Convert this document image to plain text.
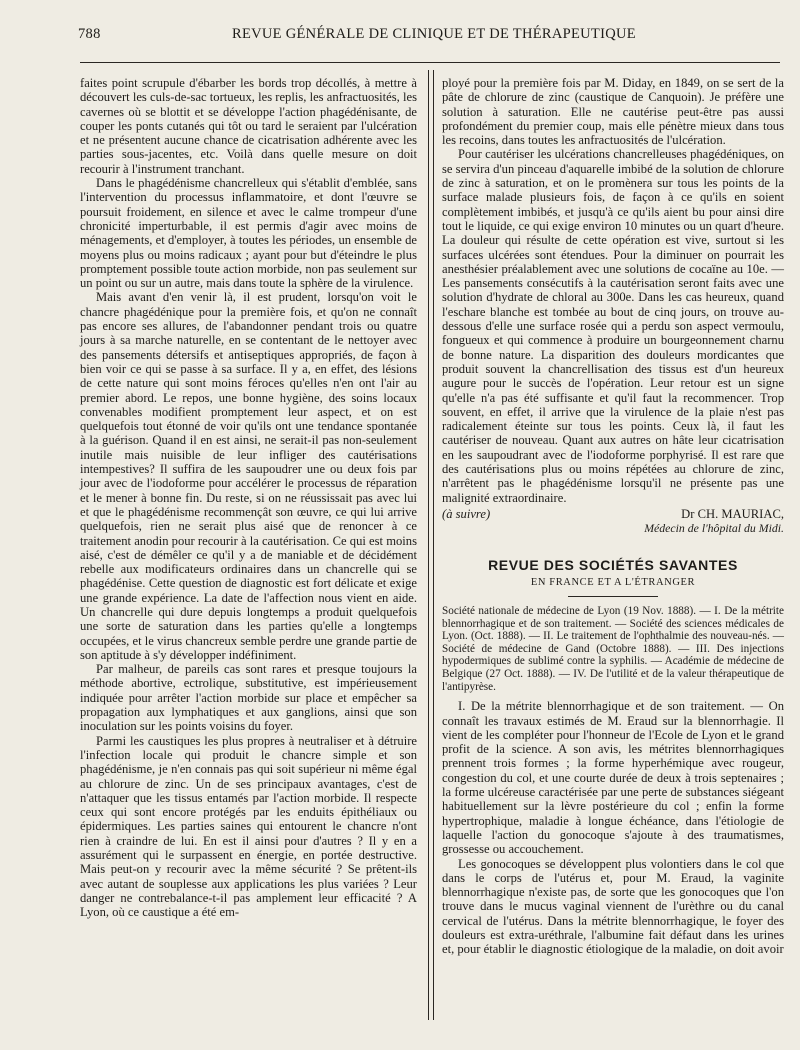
788	REVUE GÉNÉRALE DE CLINIQUE ET DE THÉRAPEUTIQUE

faites point scrupule d'ébarber les bords trop décollés, à mettre à découvert les culs-de-sac tortueux, les replis, les anfractuosités, les cavernes où se blottit et se développe l'action phagédénisante, de couper les ponts cutanés qui tôt ou tard le seraient par l'ulcération et ne présentent aucune chance de cicatrisation adhérente avec les parties sous-jacentes, etc. Voilà dans quelle mesure on doit recourir à l'instrument tranchant.

Dans le phagédénisme chancrelleux qui s'établit d'emblée, sans l'intervention du processus inflammatoire, et dont l'œuvre se poursuit froidement, en silence et avec le calme trompeur d'une chronicité imperturbable, il est permis d'agir avec moins de ménagements, et d'employer, à toutes les périodes, un ensemble de moyens plus ou moins radicaux ; ayant pour but d'éteindre le plus promptement possible toute action morbide, non pas seulement sur un point ou sur un autre, mais dans toute la sphère de la virulence.

Mais avant d'en venir là, il est prudent, lorsqu'on voit le chancre phagédénique pour la première fois, et qu'on ne connaît pas encore ses allures, de l'abandonner pendant trois ou quatre jours à sa marche naturelle, en se contentant de le nettoyer avec des pansements détersifs et antiseptiques appropriés, de façon à bien voir ce qui se passe à sa surface. Il y a, en effet, des lésions de cette nature qui sont moins féroces qu'elles n'en ont l'air au premier abord. Le repos, une bonne hygiène, des soins locaux convenables modifient promptement leur aspect, et on est quelquefois tout étonné de voir qu'ils ont une tendance spontanée à la guérison. Quand il en est ainsi, ne serait-il pas non-seulement inutile mais nuisible de leur infliger des cautérisations intempestives? Il suffira de les saupoudrer une ou deux fois par jour avec de l'iodoforme pour accélérer le processus de réparation et le mener à bonne fin. Du reste, si on ne réussissait pas avec lui et que le phagédénisme recommençât son œuvre, ce qui lui arrive quelquefois, rien ne serait plus aisé que de renoncer à ce traitement anodin pour recourir à la cautérisation. Ce qui est moins aisé, c'est de démêler ce qu'il y a de maniable et de décidément rebelle aux modificateurs ordinaires dans un chancrelle qui se phagédénise. Cette question de diagnostic est fort délicate et exige une grande expérience. La date de l'affection nous vient en aide. Un chancrelle qui dure depuis longtemps a produit quelquefois une sorte de saturation dans les parties qu'elle a longtemps occupées, et le virus chancreux semble perdre une grande partie de son aptitude à s'y développer indéfiniment.

Par malheur, de pareils cas sont rares et presque toujours la méthode abortive, ectrolique, substitutive, est impérieusement indiquée pour arrêter l'action morbide sur place et empêcher sa propagation aux lymphatiques et aux ganglions, ainsi que son inoculation sur les points voisins du foyer.

Parmi les caustiques les plus propres à neutraliser et à détruire l'infection locale qui produit le chancre simple et son phagédénisme, je n'en connais pas qui soit supérieur ni même égal au chlorure de zinc. Un de ses principaux avantages, c'est de n'attaquer que les tissus entamés par l'action morbide. Il respecte ceux qui sont encore protégés par les enduits épithéliaux ou épidermiques. Les parties saines qui entourent le chancre n'ont rien à craindre de lui. En est il ainsi pour d'autres ? Il y en a assurément qui le surpassent en énergie, en portée destructive. Mais peut-on y recourir avec la même sécurité ? Se prêtent-ils avec autant de souplesse aux applications les plus variées ? Leur danger ne contrebalance-t-il pas amplement leur efficacité ? A Lyon, où ce caustique a été em-

ployé pour la première fois par M. Diday, en 1849, on se sert de la pâte de chlorure de zinc (caustique de Canquoin). Je préfère une solution à saturation. Elle ne cautérise peut-être pas aussi profondément du premier coup, mais elle pénètre mieux dans tous les recoins, dans toutes les anfractuosités de l'ulcération.

Pour cautériser les ulcérations chancrelleuses phagédéniques, on se servira d'un pinceau d'aquarelle imbibé de la solution de chlorure de zinc à saturation, et on le promènera sur tous les points de la surface malade plusieurs fois, de façon à ce qu'ils en soient complètement imbibés, et jusqu'à ce qu'ils aient bu pour ainsi dire tout le liquide, ce qui exige environ 10 minutes ou un quart d'heure. La douleur qui résulte de cette opération est vive, surtout si les surfaces ulcérées sont étendues. Pour la diminuer on pourrait les anesthésier préalablement avec une solutions de cocaïne au 10e. — Les pansements consécutifs à la cautérisation seront faits avec une solution d'hydrate de chloral au 300e. Dans les cas heureux, quand l'eschare blanche est tombée au bout de cinq jours, on trouve au-dessous d'elle une surface rosée qui a perdu son aspect vermoulu, fongueux et qui commence à produire un bourgeonnement charnu de bonne nature. La disparition des douleurs mordicantes que produit souvent la chancrellisation des tissus est d'un heureux augure pour le succès de l'opération. Leur retour est un signe qu'elle n'a pas été suffisante et qu'il faut la recommencer. Trop souvent, en effet, il arrive que la virulence de la plaie n'est pas radicalement éteinte sur tous les points. Ceux là, il faut les cautériser de nouveau. Quant aux autres on hâte leur cicatrisation en les saupoudrant avec de l'iodoforme porphyrisé. Il est rare que des cautérisations plus ou moins répétées au chlorure de zinc, n'arrêtent pas le phagédénisme lorsqu'il ne présente pas une malignité extraordinaire.

(à suivre)	Dr CH. MAURIAC,
Médecin de l'hôpital du Midi.
REVUE DES SOCIÉTÉS SAVANTES
EN FRANCE ET A L'ÉTRANGER

Société nationale de médecine de Lyon (19 Nov. 1888). — I. De la métrite blennorrhagique et de son traitement. — Société des sciences médicales de Lyon. (Oct. 1888). — II. Le traitement de l'ophthalmie des nouveau-nés. — Société de médecine de Gand (Octobre 1888). — III. Des injections hypodermiques de sublimé contre la syphilis. — Académie de médecine de Belgique (27 Oct. 1888). — IV. De l'utilité et de la valeur thérapeutique de l'antipyrèse.

I. De la métrite blennorrhagique et de son traitement. — On connaît les travaux estimés de M. Eraud sur la blennorrhagie. Il vient de les compléter pour l'honneur de l'Ecole de Lyon et le grand profit de la science. A son avis, les métrites blennorrhagiques prennent trois formes ; la forme hyperhémique avec rougeur, congestion du col, et une courte durée de deux à trois septenaires ; la forme ulcéreuse caractérisée par une perte de substances siégeant habituellement sur la lèvre postérieure du col ; enfin la forme hypertrophique, maladie à longue échéance, dans l'étiologie de laquelle l'action du gonocoque s'ajoute à des traumatismes, grossesse ou accouchement.

Les gonocoques se développent plus volontiers dans le col que dans le corps de l'utérus et, pour M. Eraud, la vaginite blennorrhagique n'existe pas, de sorte que les gonocoques que l'on trouve dans le mucus vaginal viennent de l'urèthre ou du canal cervical de l'utérus. Dans la métrite blennorrhagique, le foyer des douleurs est extra-uréthrale, l'albumine fait défaut dans les urines et, pour établir le diagnostic étiologique de la maladie, on doit avoir
